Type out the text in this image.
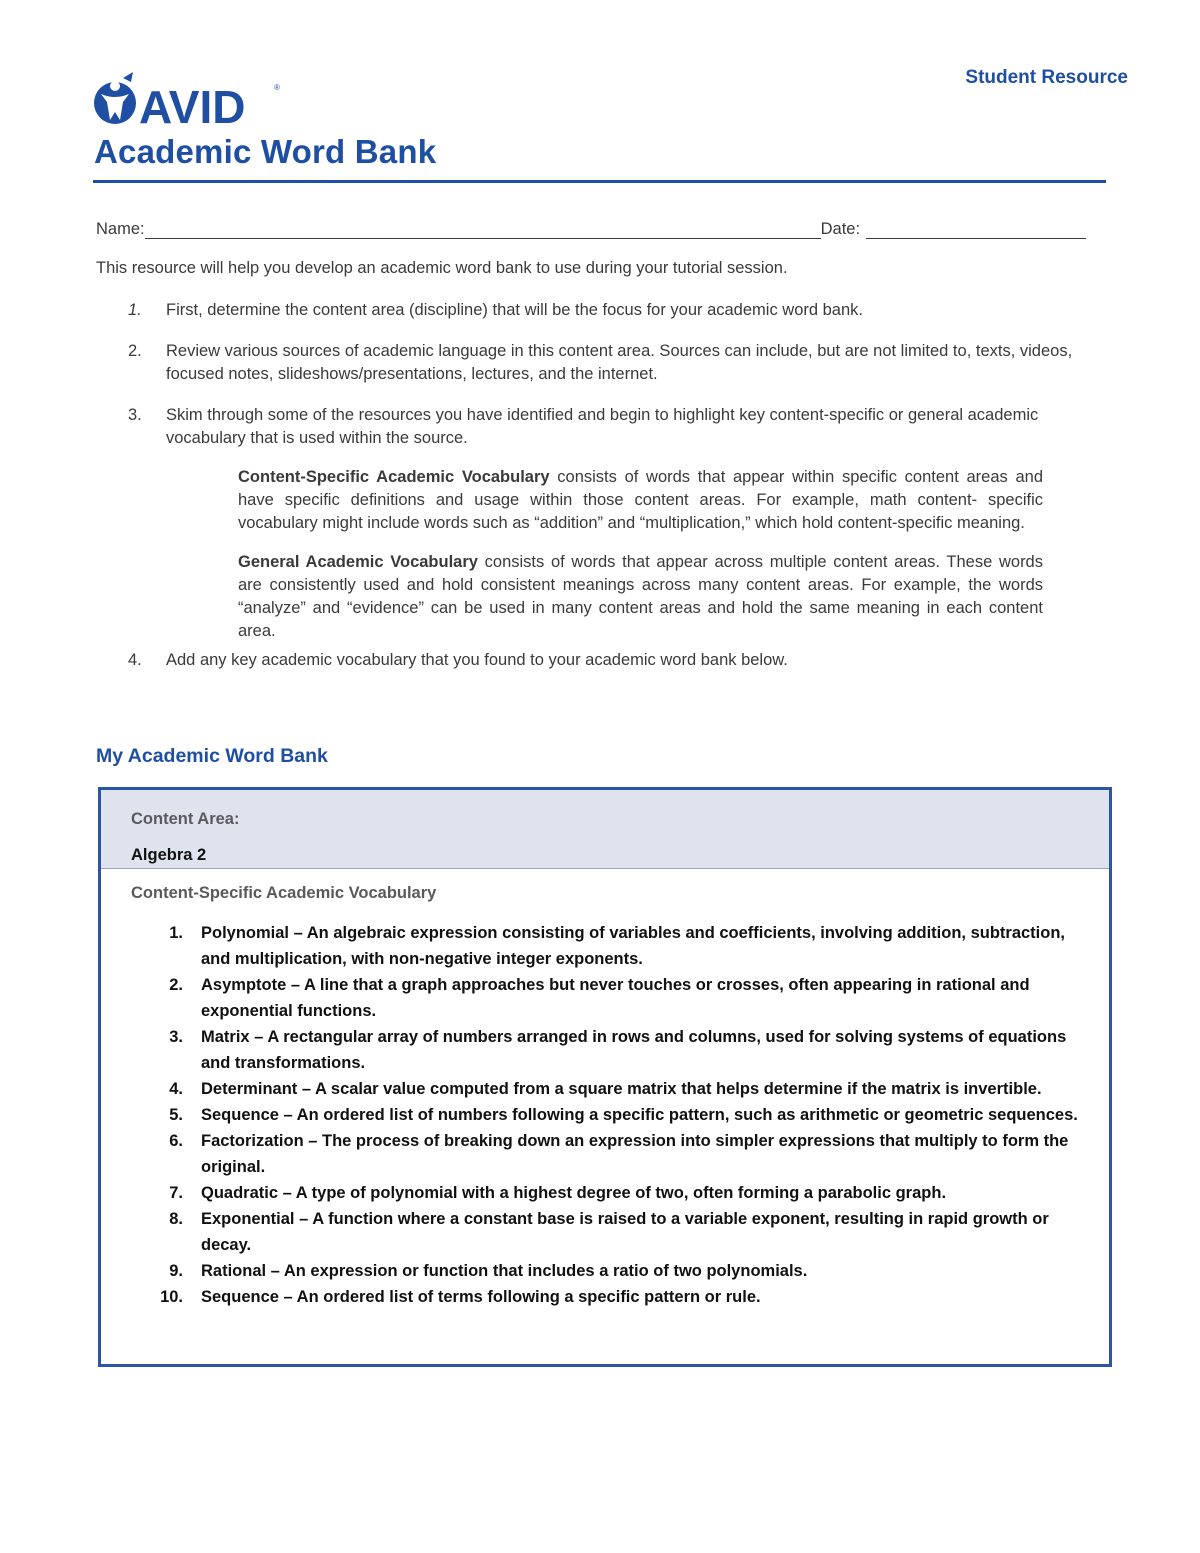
AVID	®	Student Resource
Academic Word Bank
Name:	Date:
This resource will help you develop an academic word bank to use during your tutorial session.
1. First, determine the content area (discipline) that will be the focus for your academic word bank.
2. Review various sources of academic language in this content area. Sources can include, but are not limited to, texts, videos, focused notes, slideshows/presentations, lectures, and the internet.
3. Skim through some of the resources you have identified and begin to highlight key content-specific or general academic vocabulary that is used within the source.

Content-Specific Academic Vocabulary consists of words that appear within specific content areas and have specific definitions and usage within those content areas. For example, math content- specific vocabulary might include words such as “addition” and “multiplication,” which hold content-specific meaning.

General Academic Vocabulary consists of words that appear across multiple content areas. These words are consistently used and hold consistent meanings across many content areas. For example, the words “analyze” and “evidence” can be used in many content areas and hold the same meaning in each content area.

4. Add any key academic vocabulary that you found to your academic word bank below.
My Academic Word Bank
Content Area:
Algebra 2
Content-Specific Academic Vocabulary
1. Polynomial – An algebraic expression consisting of variables and coefficients, involving addition, subtraction, and multiplication, with non-negative integer exponents.
2. Asymptote – A line that a graph approaches but never touches or crosses, often appearing in rational and exponential functions.
3. Matrix – A rectangular array of numbers arranged in rows and columns, used for solving systems of equations and transformations.
4. Determinant – A scalar value computed from a square matrix that helps determine if the matrix is invertible.
5. Sequence – An ordered list of numbers following a specific pattern, such as arithmetic or geometric sequences.
6. Factorization – The process of breaking down an expression into simpler expressions that multiply to form the original.
7. Quadratic – A type of polynomial with a highest degree of two, often forming a parabolic graph.
8. Exponential – A function where a constant base is raised to a variable exponent, resulting in rapid growth or decay.
9. Rational – An expression or function that includes a ratio of two polynomials.
10. Sequence – An ordered list of terms following a specific pattern or rule.
